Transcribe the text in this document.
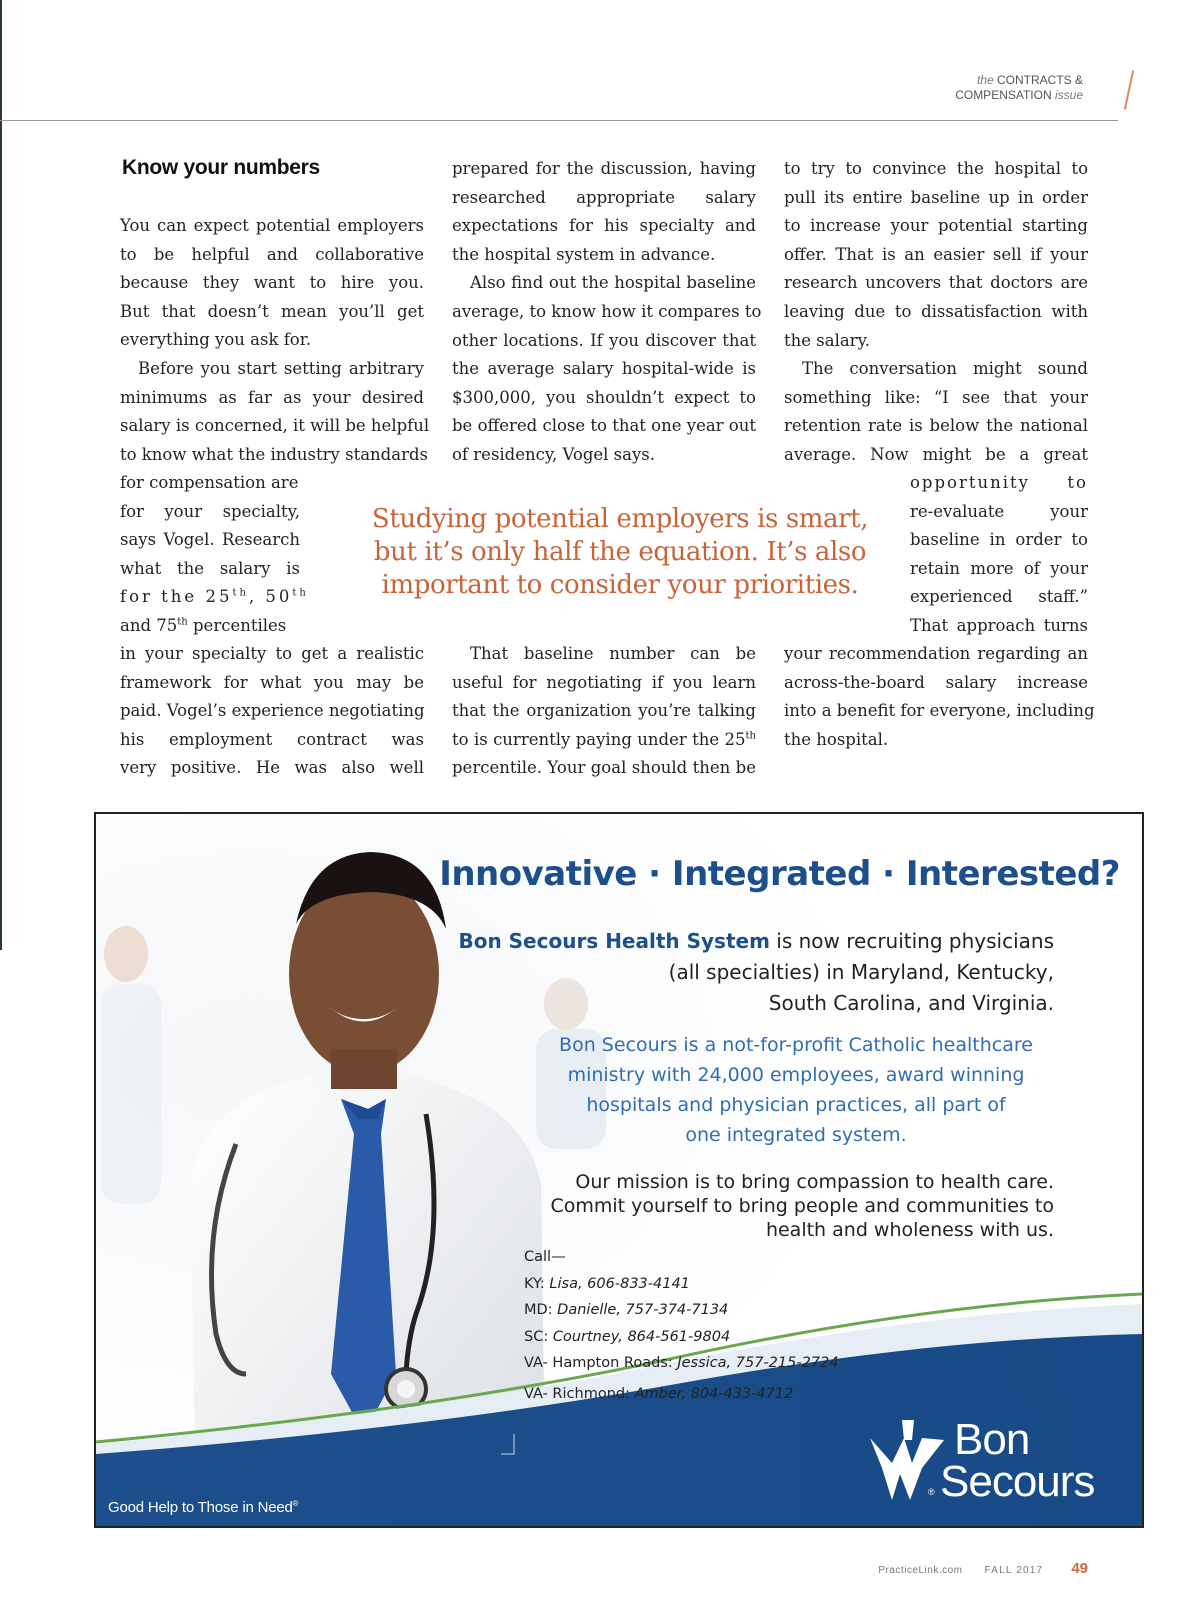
the CONTRACTS &
COMPENSATION issue
Know your numbers
You can expect potential employers
to be helpful and collaborative
because they want to hire you.
But that doesn’t mean you’ll get
everything you ask for.
Before you start setting arbitrary
minimums as far as your desired
salary is concerned, it will be helpful
to know what the industry standards
for compensation are
for your specialty,
says Vogel. Research
what the salary is
for the 25th, 50th
and 75th percentiles
in your specialty to get a realistic
framework for what you may be
paid. Vogel’s experience negotiating
his employment contract was
very positive. He was also well
prepared for the discussion, having
researched appropriate salary
expectations for his specialty and
the hospital system in advance.
Also find out the hospital baseline
average, to know how it compares to
other locations. If you discover that
the average salary hospital-wide is
$300,000, you shouldn’t expect to
be offered close to that one year out
of residency, Vogel says.
That baseline number can be
useful for negotiating if you learn
that the organization you’re talking
to is currently paying under the 25th
percentile. Your goal should then be
to try to convince the hospital to
pull its entire baseline up in order
to increase your potential starting
offer. That is an easier sell if your
research uncovers that doctors are
leaving due to dissatisfaction with
the salary.
The conversation might sound
something like: “I see that your
retention rate is below the national
average. Now might be a great
opportunity to
re-evaluate your
baseline in order to
retain more of your
experienced staff.”
That approach turns
your recommendation regarding an
across-the-board salary increase
into a benefit for everyone, including
the hospital.
Studying potential employers is smart,
but it’s only half the equation. It’s also
important to consider your priorities.
Innovative · Integrated · Interested?
Bon Secours Health System is now recruiting physicians
(all specialties) in Maryland, Kentucky,
South Carolina, and Virginia.
Bon Secours is a not-for-profit Catholic healthcare
ministry with 24,000 employees, award winning
hospitals and physician practices, all part of
one integrated system.
Our mission is to bring compassion to health care.
Commit yourself to bring people and communities to
health and wholeness with us.
Call—
KY: Lisa, 606-833-4141
MD: Danielle, 757-374-7134
SC: Courtney, 864-561-9804
VA- Hampton Roads: Jessica, 757-215-2724
VA- Richmond: Amber, 804-433-4712
Good Help to Those in Need®
Bon
Secours
®
PracticeLink.com FALL 2017 49
